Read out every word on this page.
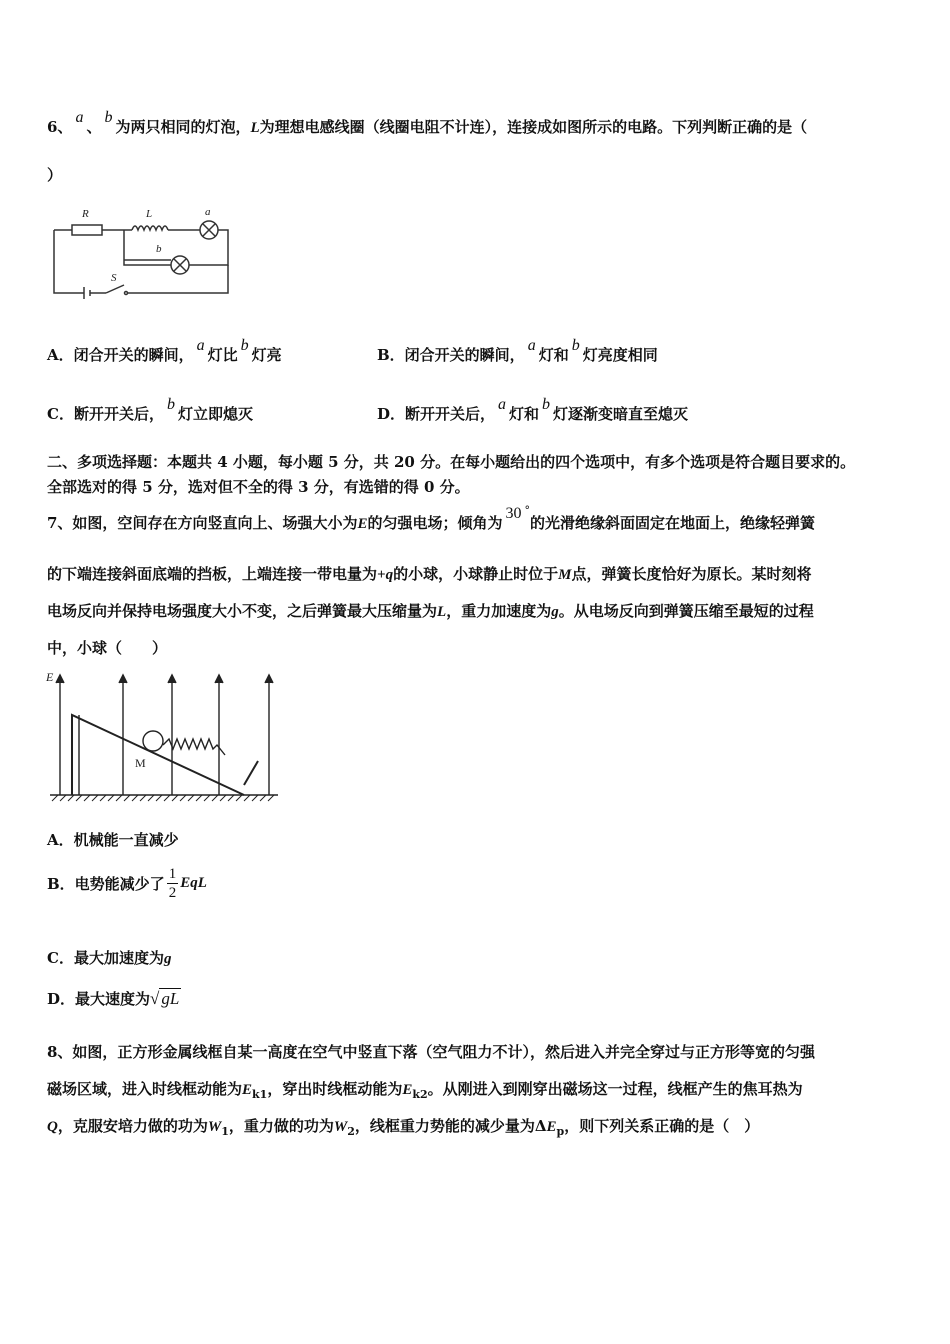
6、a、b为两只相同的灯泡，L为理想电感线圈（线圈电阻不计连），连接成如图所示的电路。下列判断正确的是（
）
R	L	a
b
S
A．闭合开关的瞬间，a灯比b灯亮	B．闭合开关的瞬间，a灯和b灯亮度相同
C．断开开关后，b灯立即熄灭	D．断开开关后，a灯和b灯逐渐变暗直至熄灭
二、多项选择题：本题共 4 小题，每小题 5 分，共 20 分。在每小题给出的四个选项中，有多个选项是符合题目要求的。
全部选对的得 5 分，选对但不全的得 3 分，有选错的得 0 分。
7、如图，空间存在方向竖直向上、场强大小为E的匀强电场；倾角为30 °的光滑绝缘斜面固定在地面上，绝缘轻弹簧
的下端连接斜面底端的挡板，上端连接一带电量为+q的小球，小球静止时位于M点，弹簧长度恰好为原长。某时刻将
电场反向并保持电场强度大小不变，之后弹簧最大压缩量为L，重力加速度为g。从电场反向到弹簧压缩至最短的过程
中，小球（　　）
E
M
A．机械能一直减少
B．电势能减少了 $\frac{1}{2}$ EqL
C．最大加速度为g
D．最大速度为√ gL
8、如图，正方形金属线框自某一高度在空气中竖直下落（空气阻力不计），然后进入并完全穿过与正方形等宽的匀强
磁场区域，进入时线框动能为$E_{k1}$，穿出时线框动能为$E_{k2}$。从刚进入到刚穿出磁场这一过程，线框产生的焦耳热为
Q，克服安培力做的功为$W_1$，重力做的功为$W_2$，线框重力势能的减少量为$\Delta E_p$，则下列关系正确的是（　）
